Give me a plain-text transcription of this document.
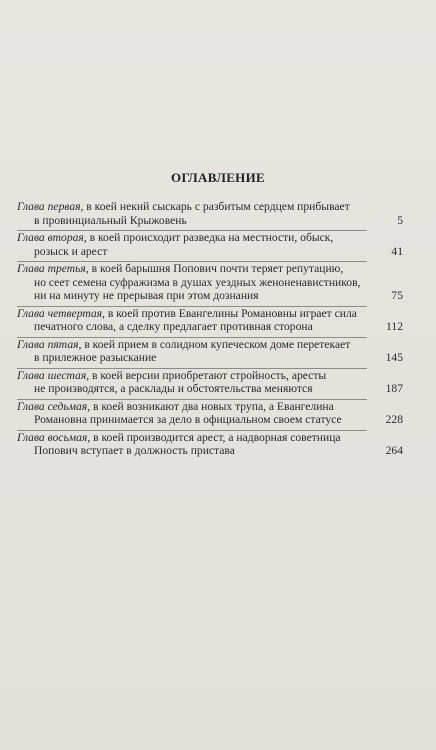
ОГЛАВЛЕНИЕ
Глава первая, в коей некий сыскарь с разбитым сердцем прибывает
в провинциальный Крыжовень	5
Глава вторая, в коей происходит разведка на местности, обыск,
розыск и арест	41
Глава третья, в коей барышня Попович почти теряет репутацию,
но сеет семена суфражизма в душах уездных женоненавистников,
ни на минуту не прерывая при этом дознания	75
Глава четвертая, в коей против Евангелины Романовны играет сила
печатного слова, а сделку предлагает противная сторона	112
Глава пятая, в коей прием в солидном купеческом доме перетекает
в прилежное разыскание	145
Глава шестая, в коей версии приобретают стройность, аресты
не производятся, а расклады и обстоятельства меняются	187
Глава седьмая, в коей возникают два новых трупа, а Евангелина
Романовна принимается за дело в официальном своем статусе	228
Глава восьмая, в коей производится арест, а надворная советница
Попович вступает в должность пристава	264
